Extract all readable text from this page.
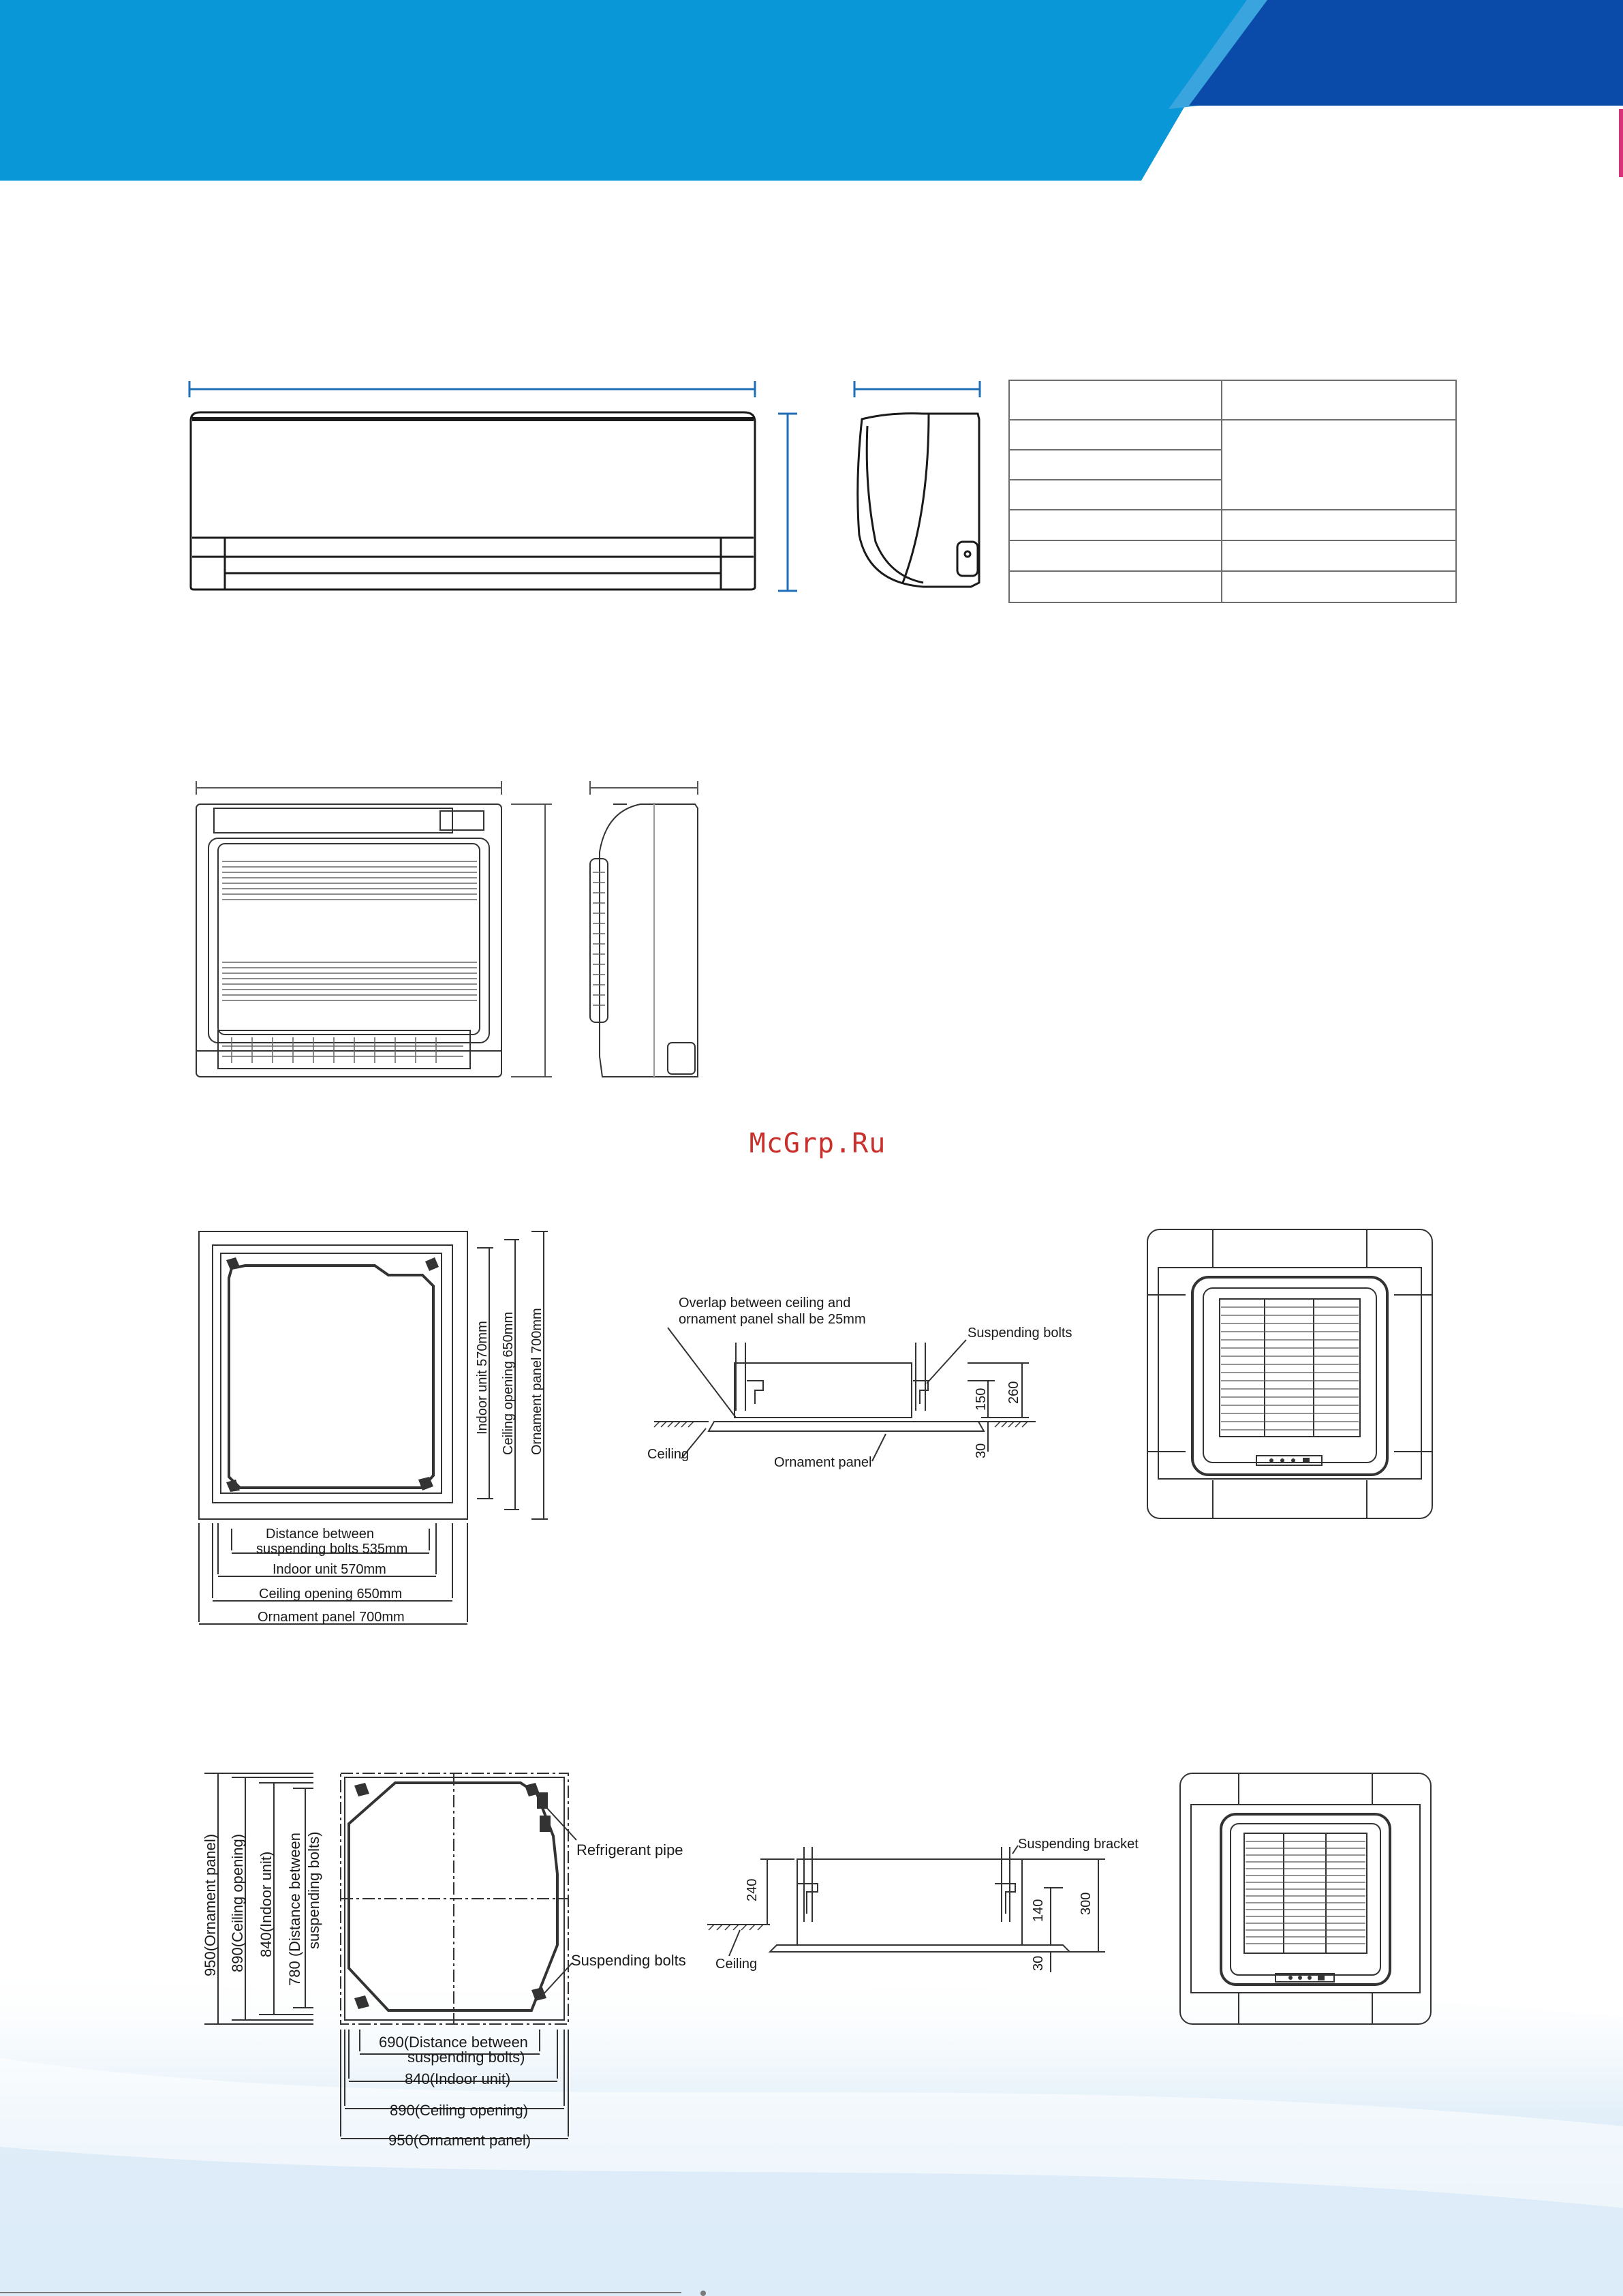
McGrp.Ru
Indoor unit 570mm Ceiling opening 650mm Ornament panel 700mm
Distance between
suspending bolts 535mm
Indoor unit 570mm
Ceiling opening 650mm
Ornament panel 700mm
Overlap between ceiling and
ornament panel shall be 25mm
Suspending bolts
260
150
30
Ceiling
Ornament panel
Refrigerant pipe
Suspending bolts
950(Ornament panel) 890(Ceiling opening) 840(Indoor unit) 780 (Distance between suspending bolts)
690(Distance between
suspending bolts)
840(Indoor unit)
890(Ceiling opening)
950(Ornament panel)
Suspending bracket
240
140 300
30
Ceiling
